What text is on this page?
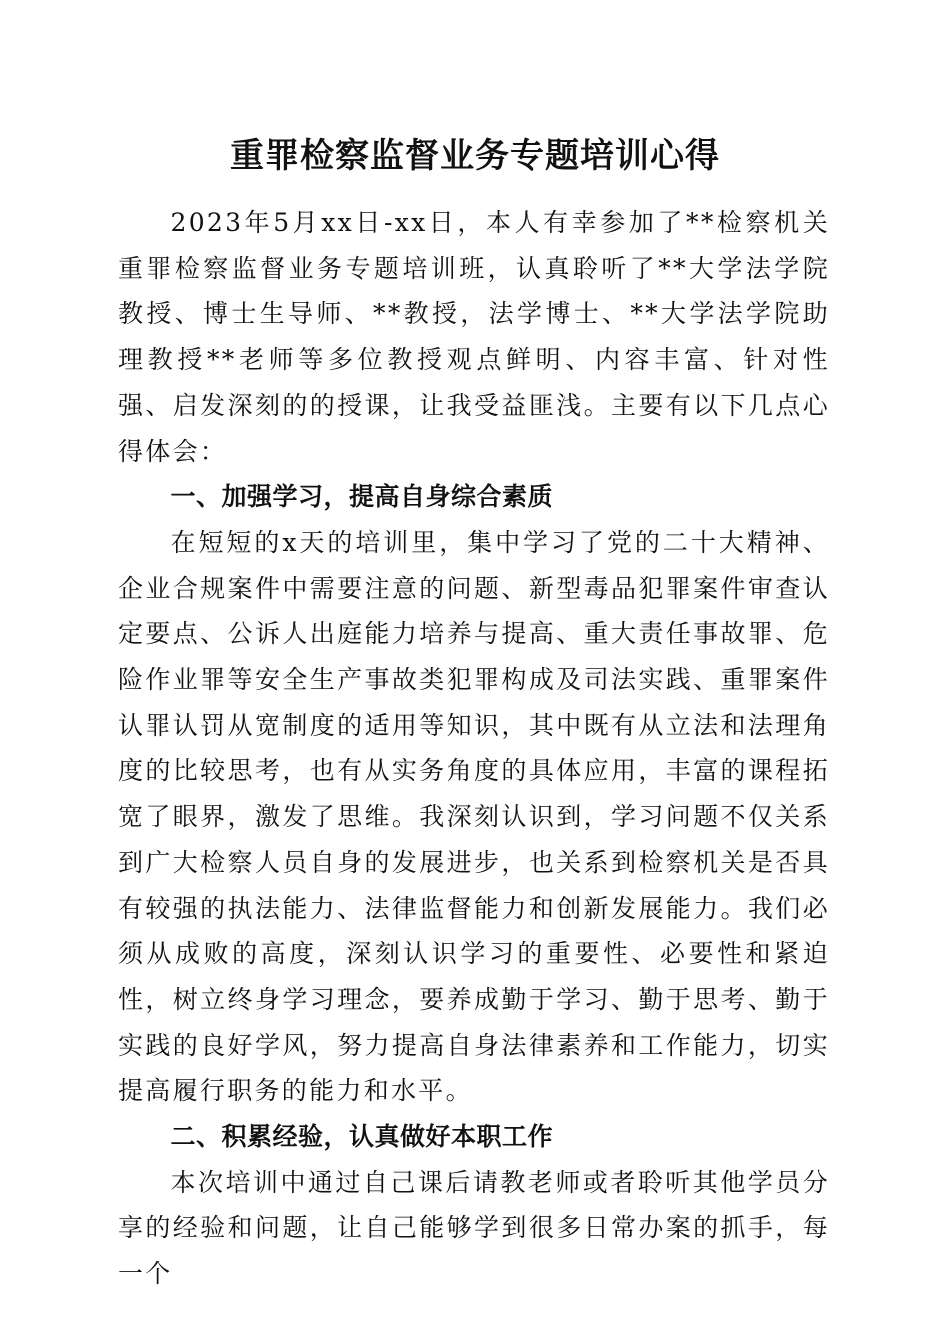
重罪检察监督业务专题培训心得

2023年5月xx日-xx日，本人有幸参加了**检察机关重罪检察监督业务专题培训班，认真聆听了**大学法学院教授、博士生导师、**教授，法学博士、**大学法学院助理教授**老师等多位教授观点鲜明、内容丰富、针对性强、启发深刻的的授课，让我受益匪浅。主要有以下几点心得体会：

一、加强学习，提高自身综合素质

在短短的x天的培训里，集中学习了党的二十大精神、企业合规案件中需要注意的问题、新型毒品犯罪案件审查认定要点、公诉人出庭能力培养与提高、重大责任事故罪、危险作业罪等安全生产事故类犯罪构成及司法实践、重罪案件认罪认罚从宽制度的适用等知识，其中既有从立法和法理角度的比较思考，也有从实务角度的具体应用，丰富的课程拓宽了眼界，激发了思维。我深刻认识到，学习问题不仅关系到广大检察人员自身的发展进步，也关系到检察机关是否具有较强的执法能力、法律监督能力和创新发展能力。我们必须从成败的高度，深刻认识学习的重要性、必要性和紧迫性，树立终身学习理念，要养成勤于学习、勤于思考、勤于实践的良好学风，努力提高自身法律素养和工作能力，切实提高履行职务的能力和水平。

二、积累经验，认真做好本职工作

本次培训中通过自己课后请教老师或者聆听其他学员分享的经验和问题，让自己能够学到很多日常办案的抓手，每一个
